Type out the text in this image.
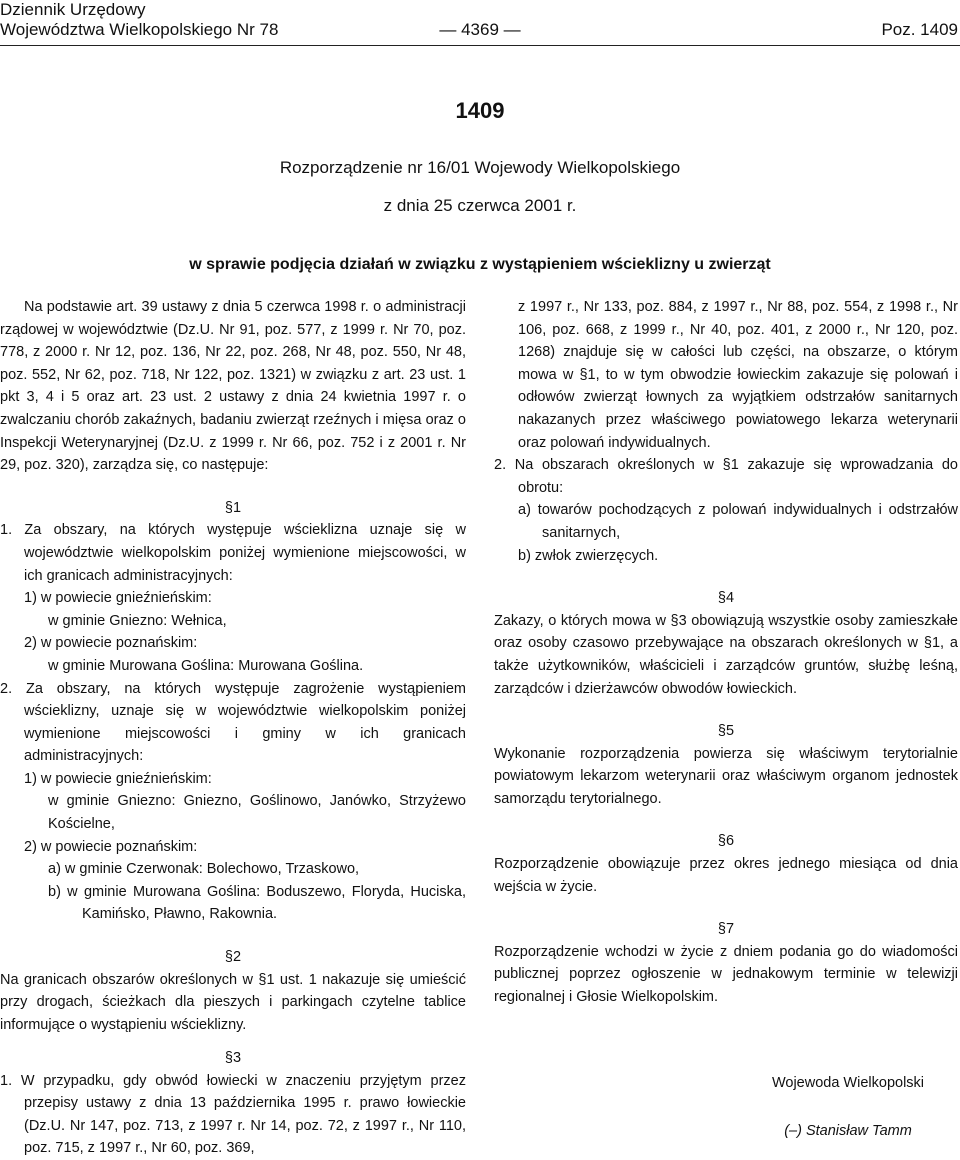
Dziennik Urzędowy
Województwa Wielkopolskiego Nr 78	— 4369 —	Poz. 1409
1409
Rozporządzenie nr 16/01 Wojewody Wielkopolskiego
z dnia 25 czerwca 2001 r.
w sprawie podjęcia działań w związku z wystąpieniem wścieklizny u zwierząt

Na podstawie art. 39 ustawy z dnia 5 czerwca 1998 r. o administracji rządowej w województwie (Dz.U. Nr 91, poz. 577, z 1999 r. Nr 70, poz. 778, z 2000 r. Nr 12, poz. 136, Nr 22, poz. 268, Nr 48, poz. 550, Nr 48, poz. 552, Nr 62, poz. 718, Nr 122, poz. 1321) w związku z art. 23 ust. 1 pkt 3, 4 i 5 oraz art. 23 ust. 2 ustawy z dnia 24 kwietnia 1997 r. o zwalczaniu chorób zakaźnych, badaniu zwierząt rzeźnych i mięsa oraz o Inspekcji Weterynaryjnej (Dz.U. z 1999 r. Nr 66, poz. 752 i z 2001 r. Nr 29, poz. 320), zarządza się, co następuje:

§1

1. Za obszary, na których występuje wścieklizna uznaje się w województwie wielkopolskim poniżej wymienione miejscowości, w ich granicach administracyjnych:

1) w powiecie gnieźnieńskim:

w gminie Gniezno: Wełnica,

2) w powiecie poznańskim:

w gminie Murowana Goślina: Murowana Goślina.

2. Za obszary, na których występuje zagrożenie wystąpieniem wścieklizny, uznaje się w województwie wielkopolskim poniżej wymienione miejscowości i gminy w ich granicach administracyjnych:

1) w powiecie gnieźnieńskim:

w gminie Gniezno: Gniezno, Goślinowo, Janówko, Strzyżewo Kościelne,

2) w powiecie poznańskim:

a) w gminie Czerwonak: Bolechowo, Trzaskowo,

b) w gminie Murowana Goślina: Boduszewo, Floryda, Huciska, Kamińsko, Pławno, Rakownia.

§2

Na granicach obszarów określonych w §1 ust. 1 nakazuje się umieścić przy drogach, ścieżkach dla pieszych i parkingach czytelne tablice informujące o wystąpieniu wścieklizny.

§3

1. W przypadku, gdy obwód łowiecki w znaczeniu przyjętym przez przepisy ustawy z dnia 13 października 1995 r. prawo łowieckie (Dz.U. Nr 147, poz. 713, z 1997 r. Nr 14, poz. 72, z 1997 r., Nr 110, poz. 715, z 1997 r., Nr 60, poz. 369,

z 1997 r., Nr 133, poz. 884, z 1997 r., Nr 88, poz. 554, z 1998 r., Nr 106, poz. 668, z 1999 r., Nr 40, poz. 401, z 2000 r., Nr 120, poz. 1268) znajduje się w całości lub części, na obszarze, o którym mowa w §1, to w tym obwodzie łowieckim zakazuje się polowań i odłowów zwierząt łownych za wyjątkiem odstrzałów sanitarnych nakazanych przez właściwego powiatowego lekarza weterynarii oraz polowań indywidualnych.

2. Na obszarach określonych w §1 zakazuje się wprowadzania do obrotu:

a) towarów pochodzących z polowań indywidualnych i odstrzałów sanitarnych,

b) zwłok zwierzęcych.

§4

Zakazy, o których mowa w §3 obowiązują wszystkie osoby zamieszkałe oraz osoby czasowo przebywające na obszarach określonych w §1, a także użytkowników, właścicieli i zarządców gruntów, służbę leśną, zarządców i dzierżawców obwodów łowieckich.

§5

Wykonanie rozporządzenia powierza się właściwym terytorialnie powiatowym lekarzom weterynarii oraz właściwym organom jednostek samorządu terytorialnego.

§6

Rozporządzenie obowiązuje przez okres jednego miesiąca od dnia wejścia w życie.

§7

Rozporządzenie wchodzi w życie z dniem podania go do wiadomości publicznej poprzez ogłoszenie w jednakowym terminie w telewizji regionalnej i Głosie Wielkopolskim.

Wojewoda Wielkopolski

(–) Stanisław Tamm
